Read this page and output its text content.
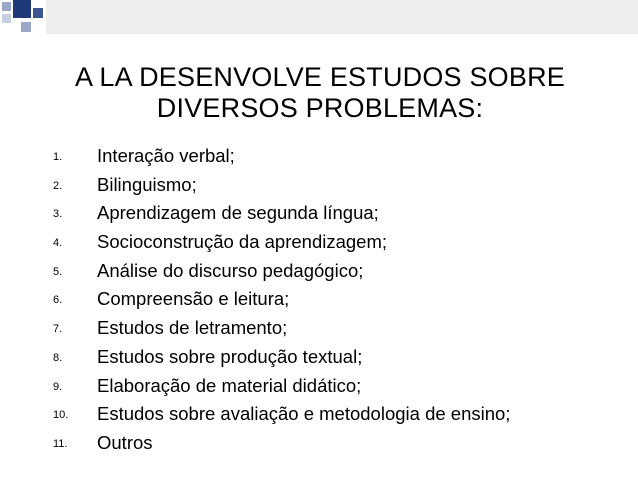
A LA DESENVOLVE ESTUDOS SOBRE
DIVERSOS PROBLEMAS:
1. Interação verbal;
2. Bilinguismo;
3. Aprendizagem de segunda língua;
4. Socioconstrução da aprendizagem;
5. Análise do discurso pedagógico;
6. Compreensão e leitura;
7. Estudos de letramento;
8. Estudos sobre produção textual;
9. Elaboração de material didático;
10. Estudos sobre avaliação e metodologia de ensino;
11. Outros
